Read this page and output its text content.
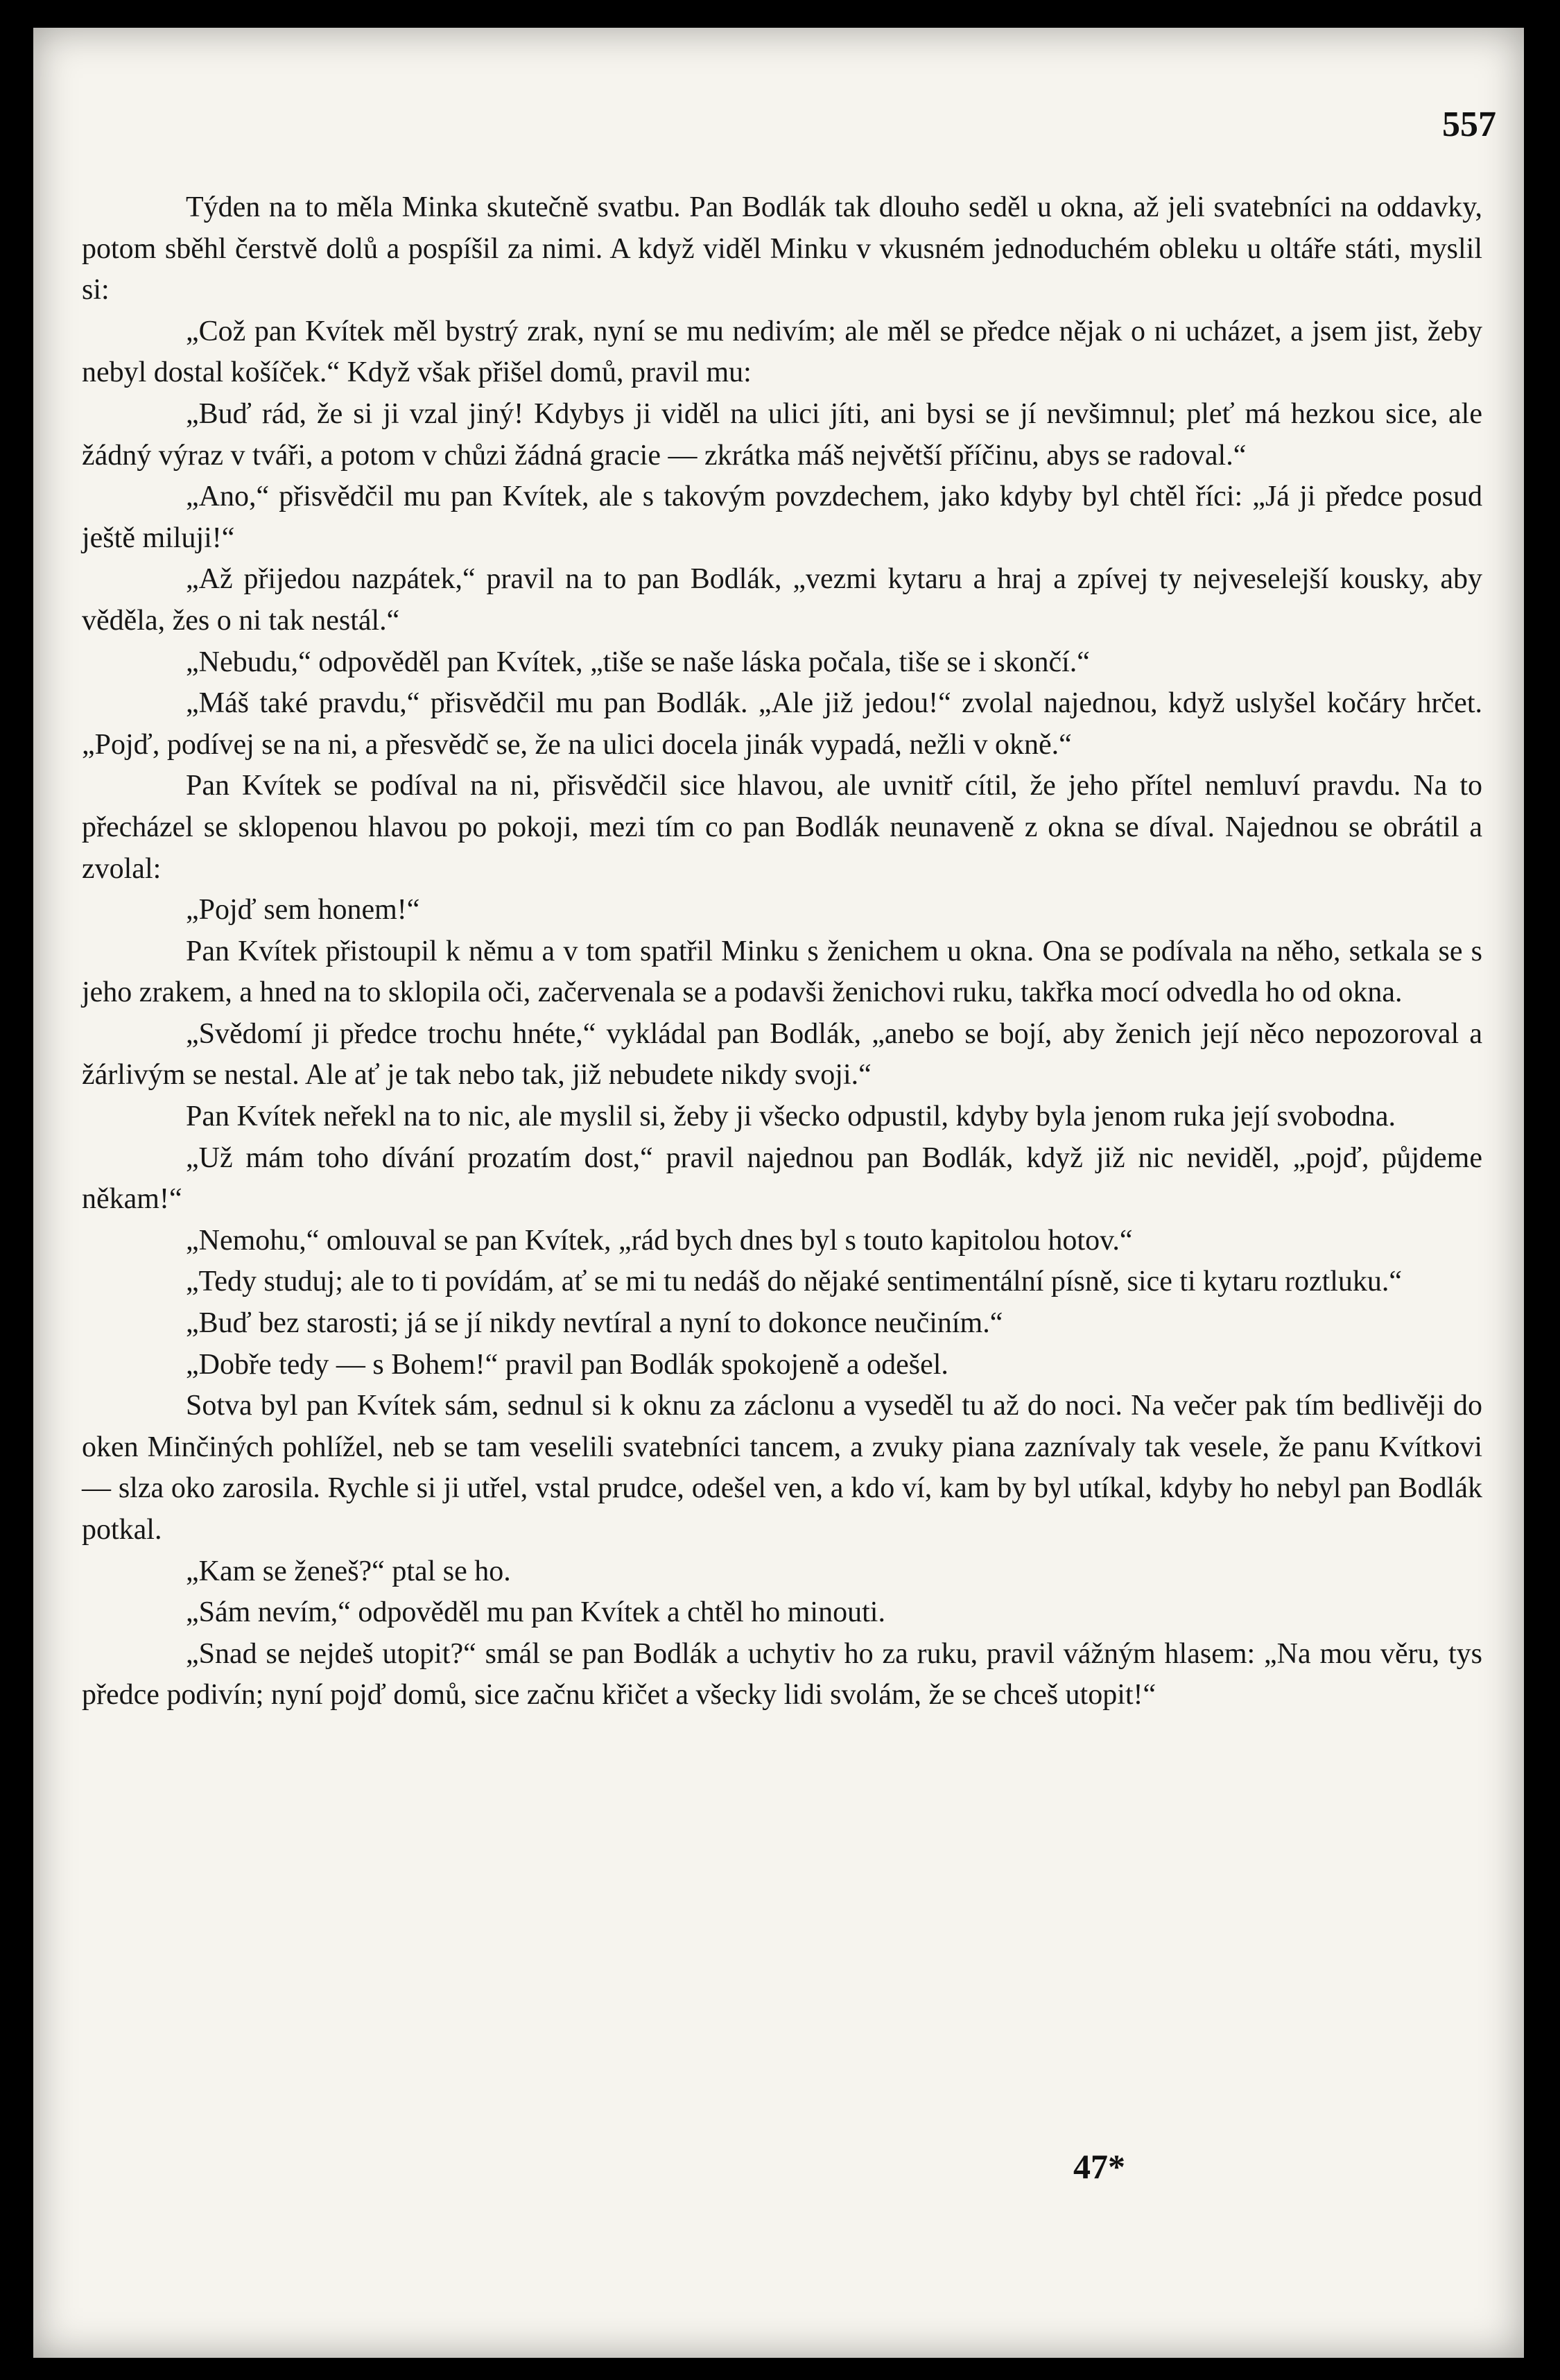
557

Týden na to měla Minka skutečně svatbu. Pan Bodlák tak dlouho seděl u okna, až jeli svatebníci na oddavky, potom sběhl čerstvě dolů a pospíšil za nimi. A když viděl Minku v vkusném jednoduchém obleku u oltáře státi, myslil si:

„Což pan Kvítek měl bystrý zrak, nyní se mu nedivím; ale měl se předce nějak o ni ucházet, a jsem jist, žeby nebyl dostal košíček.“ Když však přišel domů, pravil mu:

„Buď rád, že si ji vzal jiný! Kdybys ji viděl na ulici jíti, ani bysi se jí nevšimnul; pleť má hezkou sice, ale žádný výraz v tváři, a potom v chůzi žádná gracie — zkrátka máš největší příčinu, abys se radoval.“

„Ano,“ přisvědčil mu pan Kvítek, ale s takovým povzdechem, jako kdyby byl chtěl říci: „Já ji předce posud ještě miluji!“

„Až přijedou nazpátek,“ pravil na to pan Bodlák, „vezmi kytaru a hraj a zpívej ty nejveselejší kousky, aby věděla, žes o ni tak nestál.“

„Nebudu,“ odpověděl pan Kvítek, „tiše se naše láska počala, tiše se i skončí.“

„Máš také pravdu,“ přisvědčil mu pan Bodlák. „Ale již jedou!“ zvolal najednou, když uslyšel kočáry hrčet. „Pojď, podívej se na ni, a přesvědč se, že na ulici docela jinák vypadá, nežli v okně.“

Pan Kvítek se podíval na ni, přisvědčil sice hlavou, ale uvnitř cítil, že jeho přítel nemluví pravdu. Na to přecházel se sklopenou hlavou po pokoji, mezi tím co pan Bodlák neunaveně z okna se díval. Najednou se obrátil a zvolal:

„Pojď sem honem!“

Pan Kvítek přistoupil k němu a v tom spatřil Minku s ženichem u okna. Ona se podívala na něho, setkala se s jeho zrakem, a hned na to sklopila oči, začervenala se a podavši ženichovi ruku, takřka mocí odvedla ho od okna.

„Svědomí ji předce trochu hnéte,“ vykládal pan Bodlák, „anebo se bojí, aby ženich její něco nepozoroval a žárlivým se nestal. Ale ať je tak nebo tak, již nebudete nikdy svoji.“

Pan Kvítek neřekl na to nic, ale myslil si, žeby ji všecko odpustil, kdyby byla jenom ruka její svobodna.

„Už mám toho dívání prozatím dost,“ pravil najednou pan Bodlák, když již nic neviděl, „pojď, půjdeme někam!“

„Nemohu,“ omlouval se pan Kvítek, „rád bych dnes byl s touto kapitolou hotov.“

„Tedy studuj; ale to ti povídám, ať se mi tu nedáš do nějaké sentimentální písně, sice ti kytaru roztluku.“

„Buď bez starosti; já se jí nikdy nevtíral a nyní to dokonce neučiním.“

„Dobře tedy — s Bohem!“ pravil pan Bodlák spokojeně a odešel.

Sotva byl pan Kvítek sám, sednul si k oknu za záclonu a vyseděl tu až do noci. Na večer pak tím bedlivěji do oken Minčiných pohlížel, neb se tam veselili svatebníci tancem, a zvuky piana zaznívaly tak vesele, že panu Kvítkovi — slza oko zarosila. Rychle si ji utřel, vstal prudce, odešel ven, a kdo ví, kam by byl utíkal, kdyby ho nebyl pan Bodlák potkal.

„Kam se ženeš?“ ptal se ho.

„Sám nevím,“ odpověděl mu pan Kvítek a chtěl ho minouti.

„Snad se nejdeš utopit?“ smál se pan Bodlák a uchytiv ho za ruku, pravil vážným hlasem: „Na mou věru, tys předce podivín; nyní pojď domů, sice začnu křičet a všecky lidi svolám, že se chceš utopit!“

47*
